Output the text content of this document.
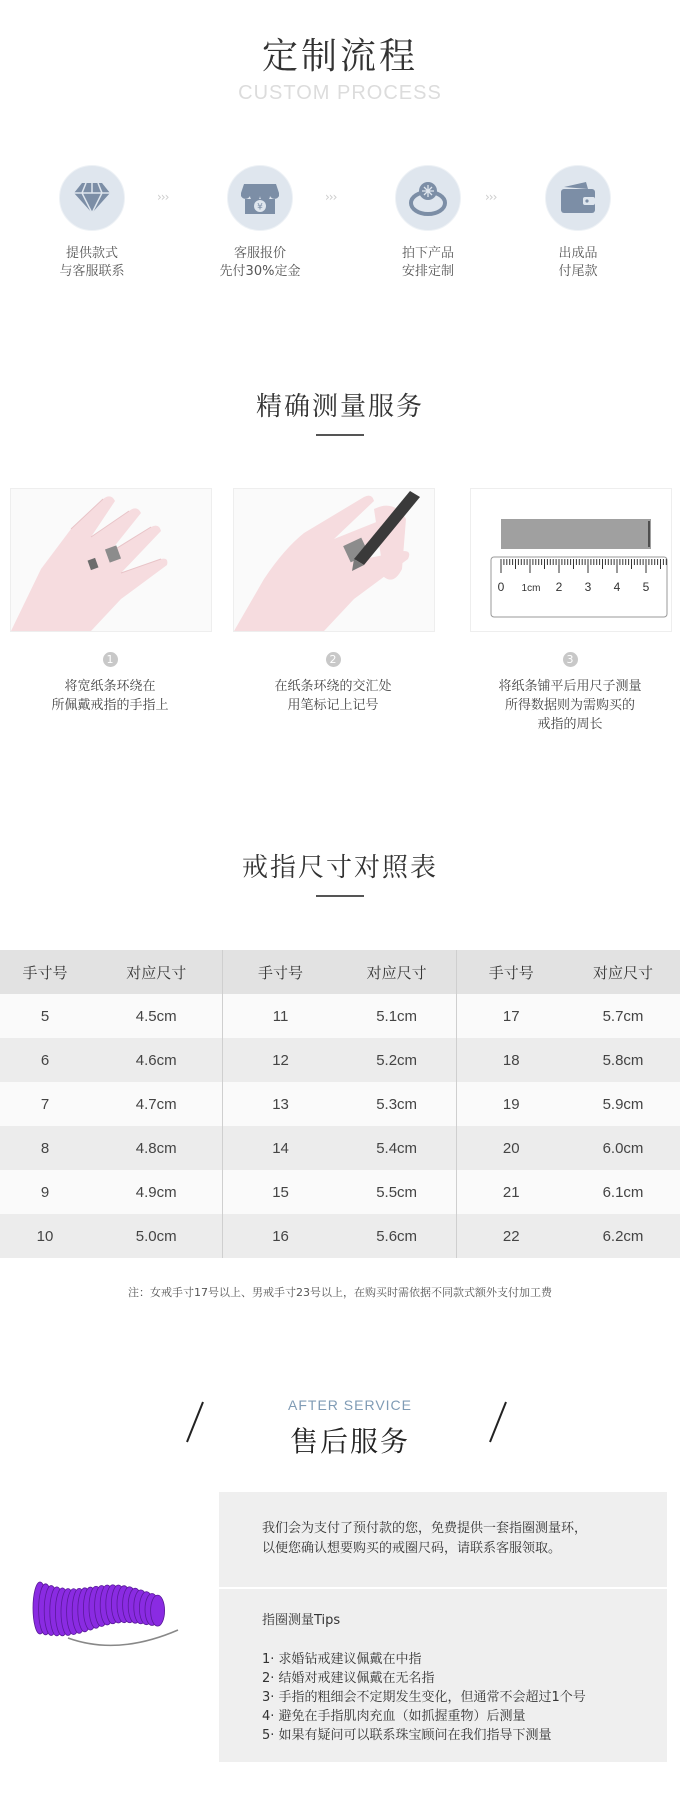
定制流程
CUSTOM PROCESS
提供款式
与客服联系
›››
¥
客服报价
先付30%定金
›››
拍下产品
安排定制
›››
出成品
付尾款
精确测量服务
0 1cm 2 3 4 5
1
将宽纸条环绕在
所佩戴戒指的手指上
2
在纸条环绕的交汇处
用笔标记上记号
3
将纸条铺平后用尺子测量
所得数据则为需购买的
戒指的周长
戒指尺寸对照表
手寸号	对应尺寸	手寸号	对应尺寸	手寸号	对应尺寸
5	4.5cm	11	5.1cm	17	5.7cm
6	4.6cm	12	5.2cm	18	5.8cm
7	4.7cm	13	5.3cm	19	5.9cm
8	4.8cm	14	5.4cm	20	6.0cm
9	4.9cm	15	5.5cm	21	6.1cm
10	5.0cm	16	5.6cm	22	6.2cm
注：女戒手寸17号以上、男戒手寸23号以上，在购买时需依据不同款式额外支付加工费
AFTER SERVICE
售后服务
我们会为支付了预付款的您，免费提供一套指圈测量环，
以便您确认想要购买的戒圈尺码，请联系客服领取。
指圈测量Tips
1· 求婚钻戒建议佩戴在中指
2· 结婚对戒建议佩戴在无名指
3· 手指的粗细会不定期发生变化，但通常不会超过1个号
4· 避免在手指肌肉充血（如抓握重物）后测量
5· 如果有疑问可以联系珠宝顾问在我们指导下测量
